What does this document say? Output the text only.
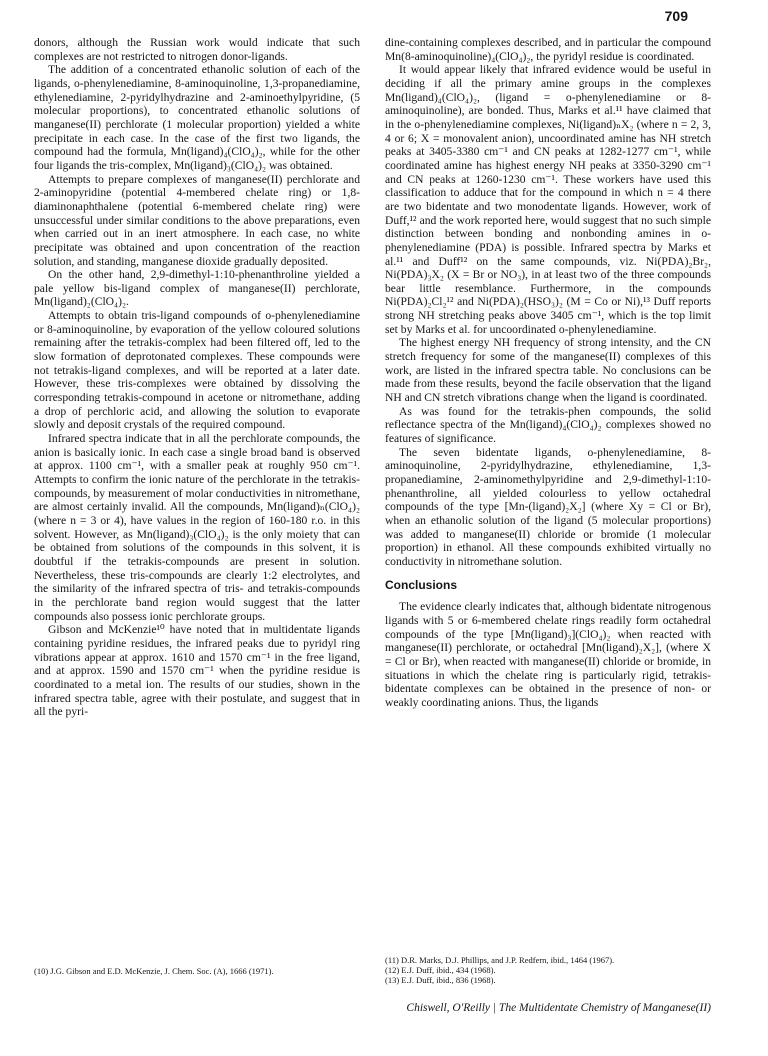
709

donors, although the Russian work would indicate that such complexes are not restricted to nitrogen donor-ligands.

The addition of a concentrated ethanolic solution of each of the ligands, o-phenylenediamine, 8-aminoquinoline, 1,3-propanediamine, ethylenediamine, 2-pyridylhydrazine and 2-aminoethylpyridine, (5 molecular proportions), to concentrated ethanolic solutions of manganese(II) perchlorate (1 molecular proportion) yielded a white precipitate in each case. In the case of the first two ligands, the compound had the formula, Mn(ligand)₄(ClO₄)₂, while for the other four ligands the tris-complex, Mn(ligand)₃(ClO₄)₂ was obtained.

Attempts to prepare complexes of manganese(II) perchlorate and 2-aminopyridine (potential 4-membered chelate ring) or 1,8-diaminonaphthalene (potential 6-membered chelate ring) were unsuccessful under similar conditions to the above preparations, even when carried out in an inert atmosphere. In each case, no white precipitate was obtained and upon concentration of the reaction solution, and standing, manganese dioxide gradually deposited.

On the other hand, 2,9-dimethyl-1:10-phenanthroline yielded a pale yellow bis-ligand complex of manganese(II) perchlorate, Mn(ligand)₂(ClO₄)₂.

Attempts to obtain tris-ligand compounds of o-phenylenediamine or 8-aminoquinoline, by evaporation of the yellow coloured solutions remaining after the tetrakis-complex had been filtered off, led to the slow formation of deprotonated complexes. These compounds were not tetrakis-ligand complexes, and will be reported at a later date. However, these tris-complexes were obtained by dissolving the corresponding tetrakis-compound in acetone or nitromethane, adding a drop of perchloric acid, and allowing the solution to evaporate slowly and deposit crystals of the required compound.

Infrared spectra indicate that in all the perchlorate compounds, the anion is basically ionic. In each case a single broad band is observed at approx. 1100 cm⁻¹, with a smaller peak at roughly 950 cm⁻¹. Attempts to confirm the ionic nature of the perchlorate in the tetrakis-compounds, by measurement of molar conductivities in nitromethane, are almost certainly invalid. All the compounds, Mn(ligand)ₙ(ClO₄)₂ (where n = 3 or 4), have values in the region of 160-180 r.o. in this solvent. However, as Mn(ligand)₃(ClO₄)₂ is the only moiety that can be obtained from solutions of the compounds in this solvent, it is doubtful if the tetrakis-compounds are present in solution. Nevertheless, these tris-compounds are clearly 1:2 electrolytes, and the similarity of the infrared spectra of tris- and tetrakis-compounds in the perchlorate band region would suggest that the latter compounds also possess ionic perchlorate groups.

Gibson and McKenzie¹⁰ have noted that in multidentate ligands containing pyridine residues, the infrared peaks due to pyridyl ring vibrations appear at approx. 1610 and 1570 cm⁻¹ in the free ligand, and at approx. 1590 and 1570 cm⁻¹ when the pyridine residue is coordinated to a metal ion. The results of our studies, shown in the infrared spectra table, agree with their postulate, and suggest that in all the pyri-

dine-containing complexes described, and in particular the compound Mn(8-aminoquinoline)₄(ClO₄)₂, the pyridyl residue is coordinated.

It would appear likely that infrared evidence would be useful in deciding if all the primary amine groups in the complexes Mn(ligand)₄(ClO₄)₂, (ligand = o-phenylenediamine or 8-aminoquinoline), are bonded. Thus, Marks et al.¹¹ have claimed that in the o-phenylenediamine complexes, Ni(ligand)ₙX₂ (where n = 2, 3, 4 or 6; X = monovalent anion), uncoordinated amine has NH stretch peaks at 3405-3380 cm⁻¹ and CN peaks at 1282-1277 cm⁻¹, while coordinated amine has highest energy NH peaks at 3350-3290 cm⁻¹ and CN peaks at 1260-1230 cm⁻¹. These workers have used this classification to adduce that for the compound in which n = 4 there are two bidentate and two monodentate ligands. However, work of Duff,¹² and the work reported here, would suggest that no such simple distinction between bonding and nonbonding amines in o-phenylenediamine (PDA) is possible. Infrared spectra by Marks et al.¹¹ and Duff¹² on the same compounds, viz. Ni(PDA)₂Br₂, Ni(PDA)₃X₂ (X = Br or NO₃), in at least two of the three compounds bear little resemblance. Furthermore, in the compounds Ni(PDA)₂Cl₂¹² and Ni(PDA)₂(HSO₃)₂ (M = Co or Ni),¹³ Duff reports strong NH stretching peaks above 3405 cm⁻¹, which is the top limit set by Marks et al. for uncoordinated o-phenylenediamine.

The highest energy NH frequency of strong intensity, and the CN stretch frequency for some of the manganese(II) complexes of this work, are listed in the infrared spectra table. No conclusions can be made from these results, beyond the facile observation that the ligand NH and CN stretch vibrations change when the ligand is coordinated.

As was found for the tetrakis-phen compounds, the solid reflectance spectra of the Mn(ligand)₄(ClO₄)₂ complexes showed no features of significance.

The seven bidentate ligands, o-phenylenediamine, 8-aminoquinoline, 2-pyridylhydrazine, ethylenediamine, 1,3-propanediamine, 2-aminomethylpyridine and 2,9-dimethyl-1:10-phenanthroline, all yielded colourless to yellow octahedral compounds of the type [Mn-(ligand)₂X₂] (where Xy = Cl or Br), when an ethanolic solution of the ligand (5 molecular proportions) was added to manganese(II) chloride or bromide (1 molecular proportion) in ethanol. All these compounds exhibited virtually no conductivity in nitromethane solution.

Conclusions

The evidence clearly indicates that, although bidentate nitrogenous ligands with 5 or 6-membered chelate rings readily form octahedral compounds of the type [Mn(ligand)₃](ClO₄)₂ when reacted with manganese(II) perchlorate, or octahedral [Mn(ligand)₂X₂], (where X = Cl or Br), when reacted with manganese(II) chloride or bromide, in situations in which the chelate ring is particularly rigid, tetrakis-bidentate complexes can be obtained in the presence of non- or weakly coordinating anions. Thus, the ligands

(10) J.G. Gibson and E.D. McKenzie, J. Chem. Soc. (A), 1666 (1971).
(11) D.R. Marks, D.J. Phillips, and J.P. Redfern, ibid., 1464 (1967).
(12) E.J. Duff, ibid., 434 (1968).
(13) E.J. Duff, ibid., 836 (1968).
Chiswell, O'Reilly | The Multidentate Chemistry of Manganese(II)
